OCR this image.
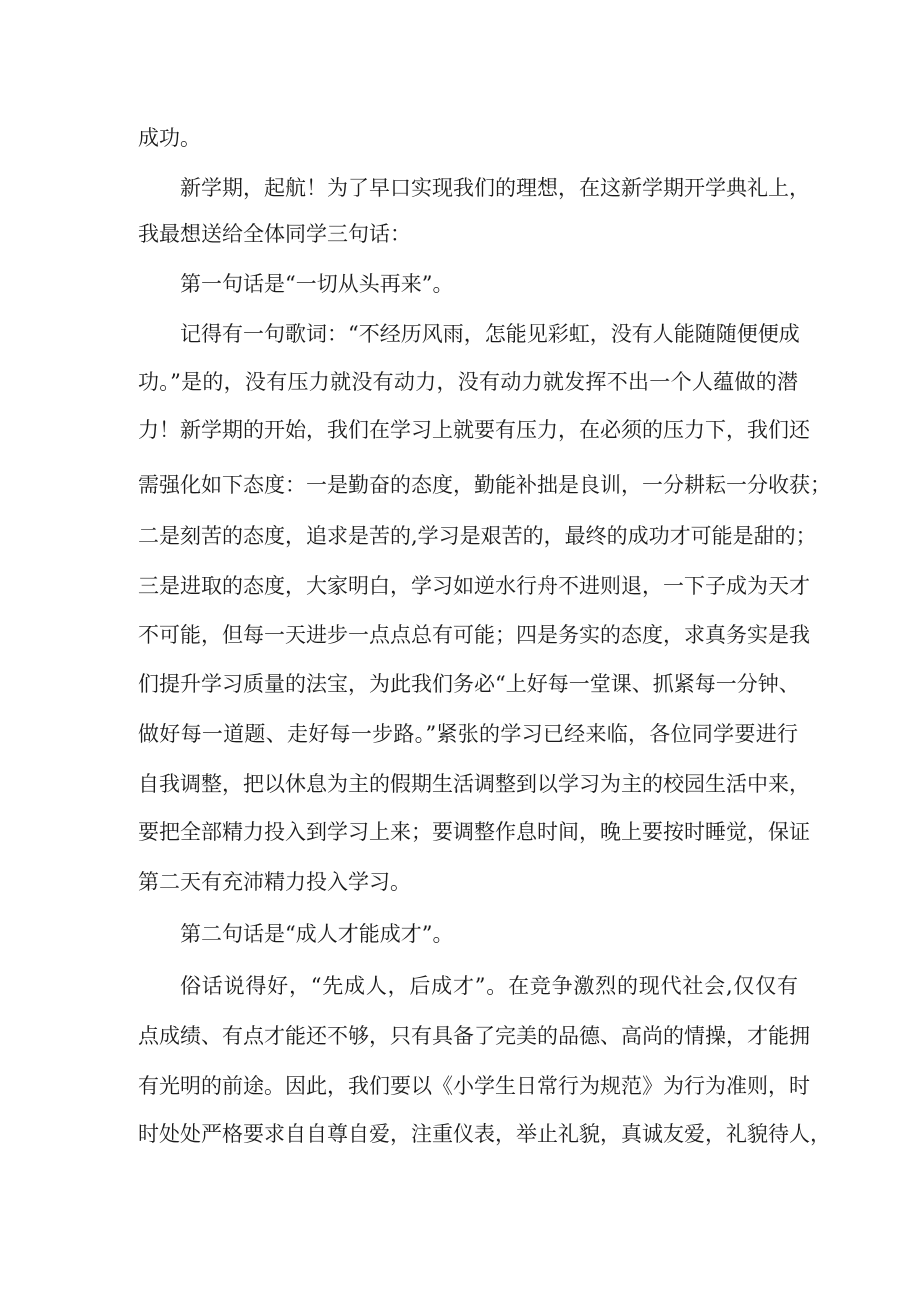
成功。
新学期，起航！为了早口实现我们的理想，在这新学期开学典礼上，
我最想送给全体同学三句话：
第一句话是“一切从头再来”。
记得有一句歌词：“不经历风雨，怎能见彩虹，没有人能随随便便成
功。”是的，没有压力就没有动力，没有动力就发挥不出一个人蕴做的潜
力！新学期的开始，我们在学习上就要有压力，在必须的压力下，我们还
需强化如下态度：一是勤奋的态度，勤能补拙是良训，一分耕耘一分收获；
二是刻苦的态度，追求是苦的,学习是艰苦的，最终的成功才可能是甜的；
三是进取的态度，大家明白，学习如逆水行舟不进则退，一下子成为天才
不可能，但每一天进步一点点总有可能；四是务实的态度，求真务实是我
们提升学习质量的法宝，为此我们务必“上好每一堂课、抓紧每一分钟、
做好每一道题、走好每一步路。”紧张的学习已经来临，各位同学要进行
自我调整，把以休息为主的假期生活调整到以学习为主的校园生活中来，
要把全部精力投入到学习上来；要调整作息时间，晚上要按时睡觉，保证
第二天有充沛精力投入学习。
第二句话是“成人才能成才”。
俗话说得好，“先成人，后成才”。在竞争激烈的现代社会,仅仅有
点成绩、有点才能还不够，只有具备了完美的品德、高尚的情操，才能拥
有光明的前途。因此，我们要以《小学生日常行为规范》为行为准则，时
时处处严格要求自自尊自爱，注重仪表，举止礼貌，真诚友爱，礼貌待人，
